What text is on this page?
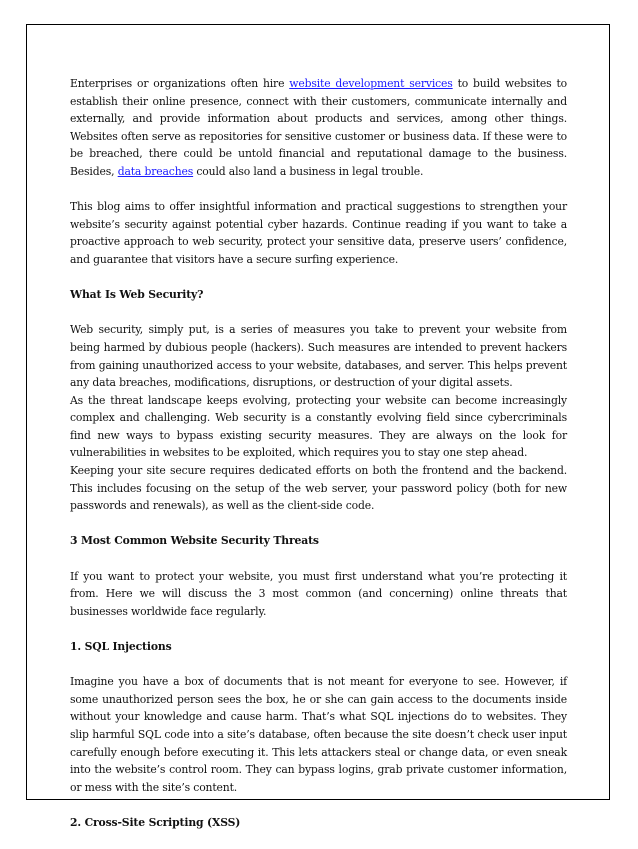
Enterprises or organizations often hire website development services to build websites to establish their online presence, connect with their customers, communicate internally and externally, and provide information about products and services, among other things. Websites often serve as repositories for sensitive customer or business data. If these were to be breached, there could be untold financial and reputational damage to the business. Besides, data breaches could also land a business in legal trouble.

This blog aims to offer insightful information and practical suggestions to strengthen your website’s security against potential cyber hazards. Continue reading if you want to take a proactive approach to web security, protect your sensitive data, preserve users’ confidence, and guarantee that visitors have a secure surfing experience.

What Is Web Security?

Web security, simply put, is a series of measures you take to prevent your website from being harmed by dubious people (hackers). Such measures are intended to prevent hackers from gaining unauthorized access to your website, databases, and server. This helps prevent any data breaches, modifications, disruptions, or destruction of your digital assets.

As the threat landscape keeps evolving, protecting your website can become increasingly complex and challenging. Web security is a constantly evolving field since cybercriminals find new ways to bypass existing security measures. They are always on the look for vulnerabilities in websites to be exploited, which requires you to stay one step ahead.

Keeping your site secure requires dedicated efforts on both the frontend and the backend. This includes focusing on the setup of the web server, your password policy (both for new passwords and renewals), as well as the client-side code.

3 Most Common Website Security Threats

If you want to protect your website, you must first understand what you’re protecting it from. Here we will discuss the 3 most common (and concerning) online threats that businesses worldwide face regularly.

1. SQL Injections

Imagine you have a box of documents that is not meant for everyone to see. However, if some unauthorized person sees the box, he or she can gain access to the documents inside without your knowledge and cause harm. That’s what SQL injections do to websites. They slip harmful SQL code into a site’s database, often because the site doesn’t check user input carefully enough before executing it. This lets attackers steal or change data, or even sneak into the website’s control room. They can bypass logins, grab private customer information, or mess with the site’s content.

2. Cross-Site Scripting (XSS)
